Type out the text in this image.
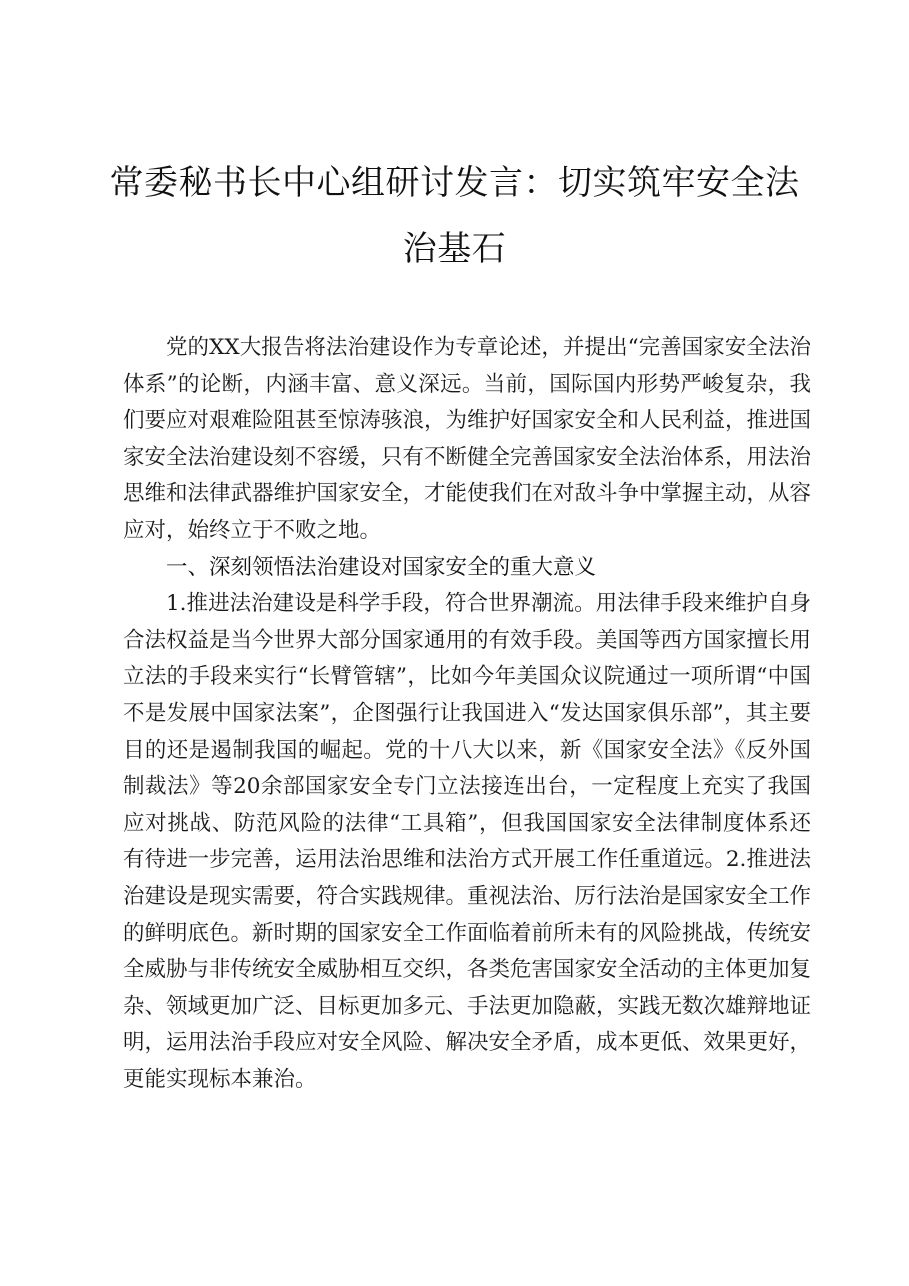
常委秘书长中心组研讨发言：切实筑牢安全法治基石

党的XX大报告将法治建设作为专章论述，并提出“完善国家安全法治体系”的论断，内涵丰富、意义深远。当前，国际国内形势严峻复杂，我们要应对艰难险阻甚至惊涛骇浪，为维护好国家安全和人民利益，推进国家安全法治建设刻不容缓，只有不断健全完善国家安全法治体系，用法治思维和法律武器维护国家安全，才能使我们在对敌斗争中掌握主动，从容应对，始终立于不败之地。

一、深刻领悟法治建设对国家安全的重大意义

1.推进法治建设是科学手段，符合世界潮流。用法律手段来维护自身合法权益是当今世界大部分国家通用的有效手段。美国等西方国家擅长用立法的手段来实行“长臂管辖”，比如今年美国众议院通过一项所谓“中国不是发展中国家法案”，企图强行让我国进入“发达国家俱乐部”，其主要目的还是遏制我国的崛起。党的十八大以来，新《国家安全法》《反外国制裁法》等20余部国家安全专门立法接连出台，一定程度上充实了我国应对挑战、防范风险的法律“工具箱”，但我国国家安全法律制度体系还有待进一步完善，运用法治思维和法治方式开展工作任重道远。2.推进法治建设是现实需要，符合实践规律。重视法治、厉行法治是国家安全工作的鲜明底色。新时期的国家安全工作面临着前所未有的风险挑战，传统安全威胁与非传统安全威胁相互交织，各类危害国家安全活动的主体更加复杂、领域更加广泛、目标更加多元、手法更加隐蔽，实践无数次雄辩地证明，运用法治手段应对安全风险、解决安全矛盾，成本更低、效果更好，更能实现标本兼治。
